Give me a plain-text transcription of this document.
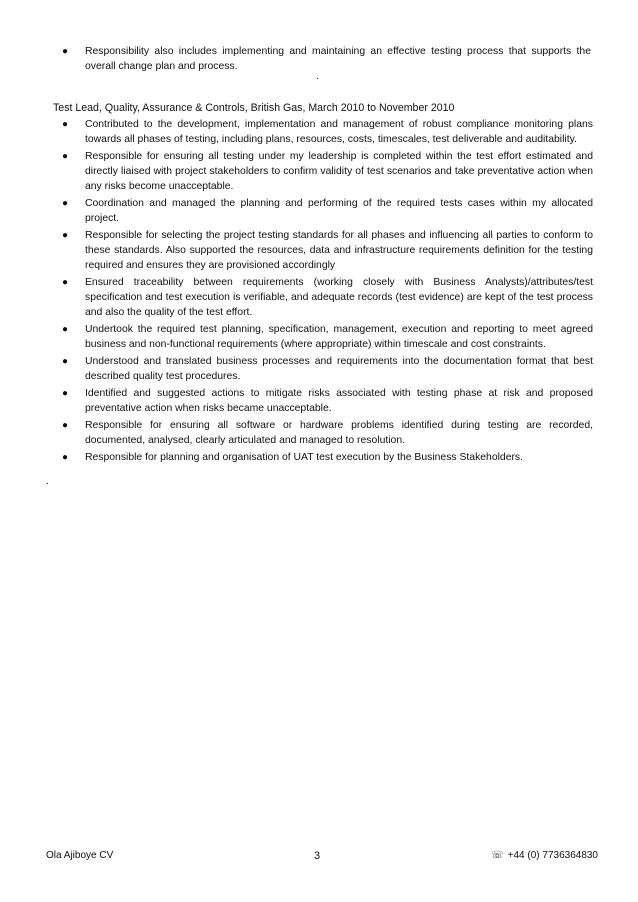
● Responsibility also includes implementing and maintaining an effective testing process that supports the overall change plan and process.
.
Test Lead, Quality, Assurance & Controls, British Gas, March 2010 to November 2010
● Contributed to the development, implementation and management of robust compliance monitoring plans towards all phases of testing, including plans, resources, costs, timescales, test deliverable and auditability.
● Responsible for ensuring all testing under my leadership is completed within the test effort estimated and directly liaised with project stakeholders to confirm validity of test scenarios and take preventative action when any risks become unacceptable.
● Coordination and managed the planning and performing of the required tests cases within my allocated project.
● Responsible for selecting the project testing standards for all phases and influencing all parties to conform to these standards. Also supported the resources, data and infrastructure requirements definition for the testing required and ensures they are provisioned accordingly
● Ensured traceability between requirements (working closely with Business Analysts)/attributes/test specification and test execution is verifiable, and adequate records (test evidence) are kept of the test process and also the quality of the test effort.
● Undertook the required test planning, specification, management, execution and reporting to meet agreed business and non-functional requirements (where appropriate) within timescale and cost constraints.
● Understood and translated business processes and requirements into the documentation format that best described quality test procedures.
● Identified and suggested actions to mitigate risks associated with testing phase at risk and proposed preventative action when risks became unacceptable.
● Responsible for ensuring all software or hardware problems identified during testing are recorded, documented, analysed, clearly articulated and managed to resolution.
● Responsible for planning and organisation of UAT test execution by the Business Stakeholders.
.
Ola Ajiboye CV	3	☏ +44 (0) 7736364830
